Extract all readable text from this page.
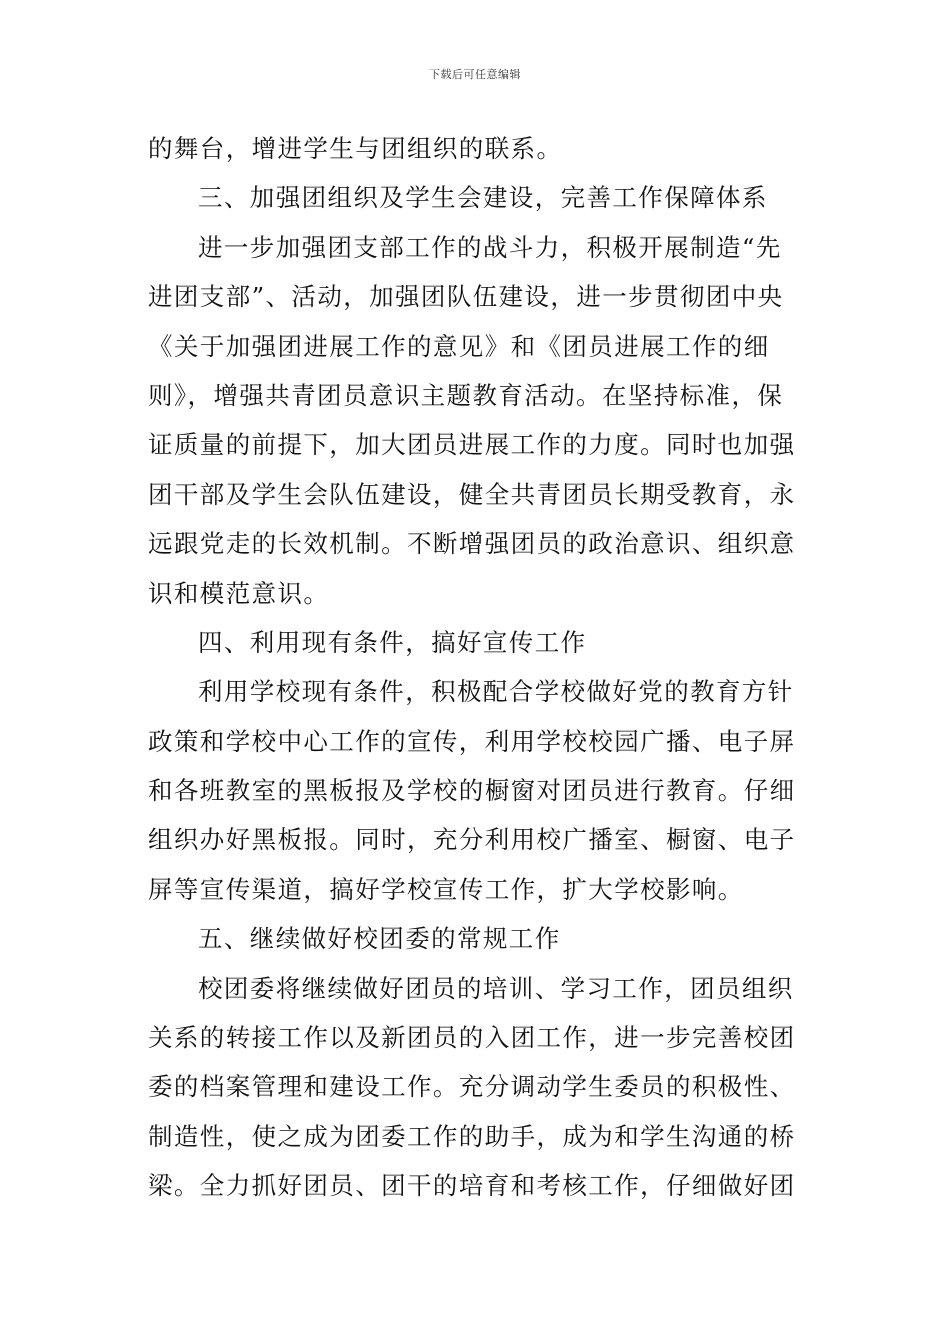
下载后可任意编辑
的舞台，增进学生与团组织的联系。
三、加强团组织及学生会建设，完善工作保障体系
进一步加强团支部工作的战斗力，积极开展制造“先
进团支部”、活动，加强团队伍建设，进一步贯彻团中央
《关于加强团进展工作的意见》和《团员进展工作的细
则》，增强共青团员意识主题教育活动。在坚持标准，保
证质量的前提下，加大团员进展工作的力度。同时也加强
团干部及学生会队伍建设，健全共青团员长期受教育，永
远跟党走的长效机制。不断增强团员的政治意识、组织意
识和模范意识。
四、利用现有条件，搞好宣传工作
利用学校现有条件，积极配合学校做好党的教育方针
政策和学校中心工作的宣传，利用学校校园广播、电子屏
和各班教室的黑板报及学校的橱窗对团员进行教育。仔细
组织办好黑板报。同时，充分利用校广播室、橱窗、电子
屏等宣传渠道，搞好学校宣传工作，扩大学校影响。
五、继续做好校团委的常规工作
校团委将继续做好团员的培训、学习工作，团员组织
关系的转接工作以及新团员的入团工作，进一步完善校团
委的档案管理和建设工作。充分调动学生委员的积极性、
制造性，使之成为团委工作的助手，成为和学生沟通的桥
梁。全力抓好团员、团干的培育和考核工作，仔细做好团
